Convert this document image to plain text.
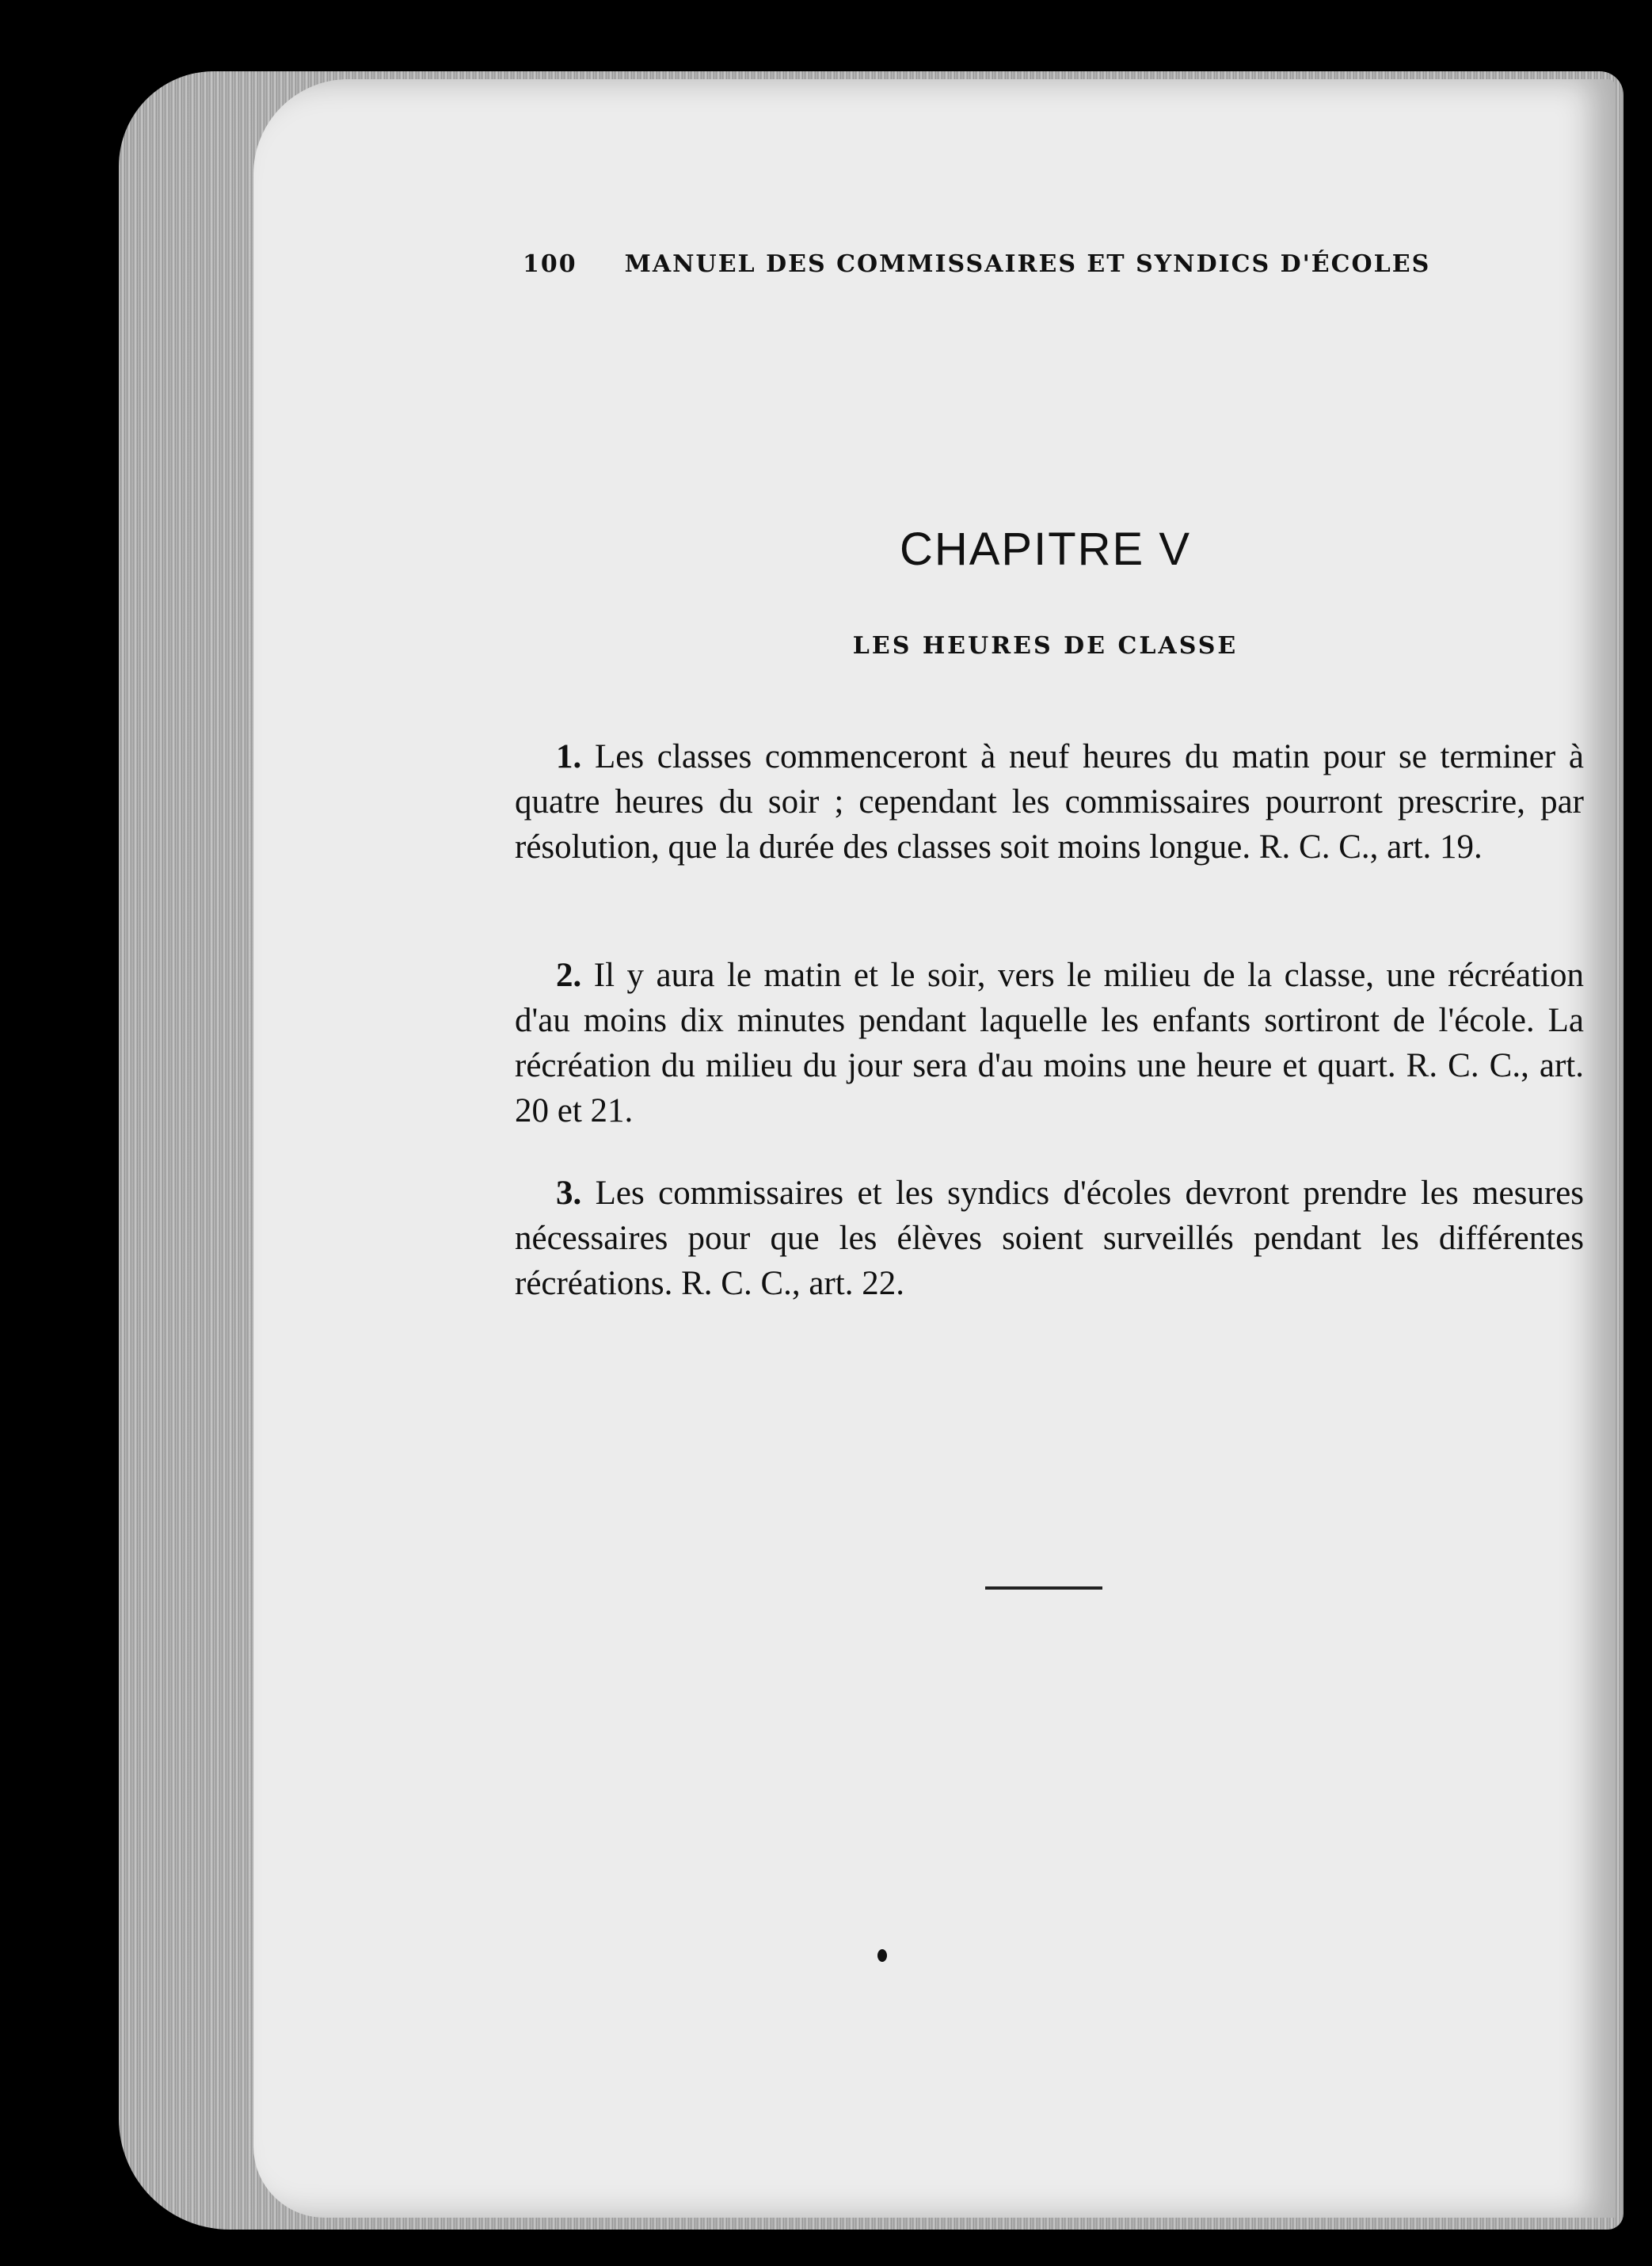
100 MANUEL DES COMMISSAIRES ET SYNDICS D'ÉCOLES
CHAPITRE V
LES HEURES DE CLASSE

1. Les classes commenceront à neuf heures du matin pour se terminer à quatre heures du soir ; cependant les commissaires pourront prescrire, par résolution, que la durée des classes soit moins longue. R. C. C., art. 19.

2. Il y aura le matin et le soir, vers le milieu de la classe, une récréation d'au moins dix minutes pendant laquelle les enfants sortiront de l'école. La récréation du milieu du jour sera d'au moins une heure et quart. R. C. C., art. 20 et 21.

3. Les commissaires et les syndics d'écoles devront prendre les mesures nécessaires pour que les élèves soient surveillés pendant les différentes récréations. R. C. C., art. 22.
